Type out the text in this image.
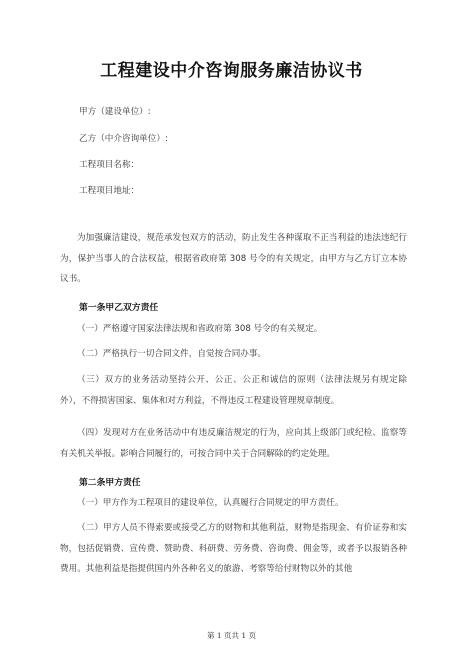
工程建设中介咨询服务廉洁协议书
甲方（建设单位）:
乙方（中介咨询单位）:
工程项目名称：
工程项目地址：

为加强廉洁建设，规范承发包双方的活动，防止发生各种谋取不正当利益的违法违纪行为，保护当事人的合法权益，根据省政府第 308 号令的有关规定，由甲方与乙方订立本协议书。

第一条甲乙双方责任

（一）严格遵守国家法律法规和省政府第 308 号令的有关规定。

（二）严格执行一切合同文件，自觉按合同办事。

（三）双方的业务活动坚持公开、公正、公正和诚信的原则（法律法规另有规定除外），不得损害国家、集体和对方利益，不得违反工程建设管理规章制度。

（四）发现对方在业务活动中有违反廉洁规定的行为，应向其上级部门或纪检、监察等有关机关举报。影响合同履行的，可按合同中关于合同解除的约定处理。

第二条甲方责任

（一）甲方作为工程项目的建设单位，认真履行合同规定的甲方责任。

（二）甲方人员不得索要或接受乙方的财物和其他利益，财物是指现金、有价证券和实物，包括促销费、宣传费、赞助费、科研费、劳务费、咨询费、佣金等，或者予以报销各种费用。其他利益是指提供国内外各种名义的旅游、考察等给付财物以外的其他

第 1 页共 1 页
